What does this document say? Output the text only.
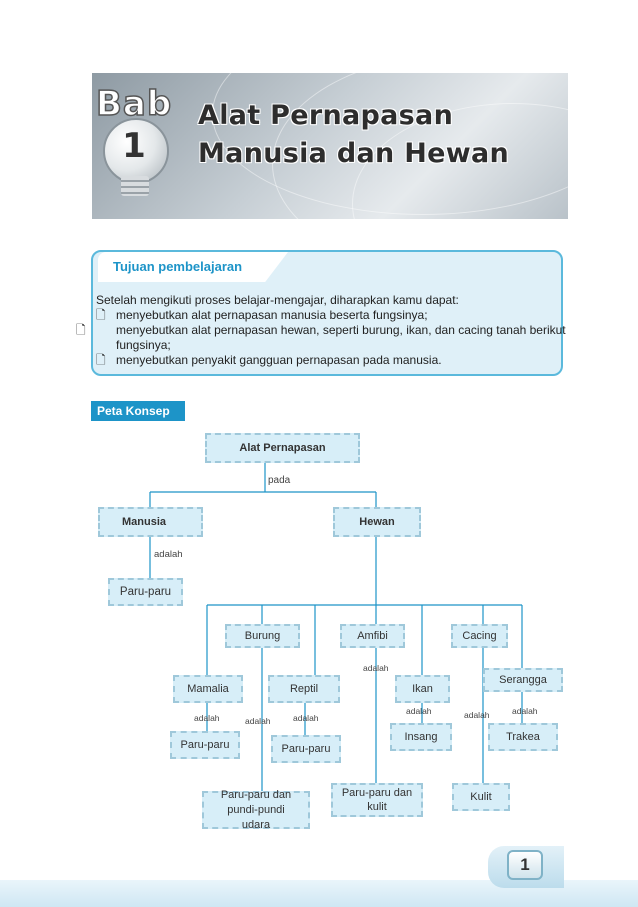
Bab
1
Alat Pernapasan
Manusia dan Hewan
Tujuan pembelajaran
Setelah mengikuti proses belajar-mengajar, diharapkan kamu dapat:
🗋 menyebutkan alat pernapasan manusia beserta fungsinya;
🗋	menyebutkan alat pernapasan hewan, seperti burung, ikan, dan cacing tanah berikut fungsinya;
🗋 menyebutkan penyakit gangguan pernapasan pada manusia.
Peta Konsep
Alat Pernapasan
pada
Manusia	Hewan
adalah
Paru-paru
Burung	Amfibi	Cacing
adalah
Mamalia	Reptil	Ikan
Serangga
adalah	adalah	adalah
adalah	adalah	adalah
Paru-paru	Paru-paru
Insang	Trakea
Paru-paru dan pundi-pundi udara
Paru-paru dan kulit
Kulit
1
